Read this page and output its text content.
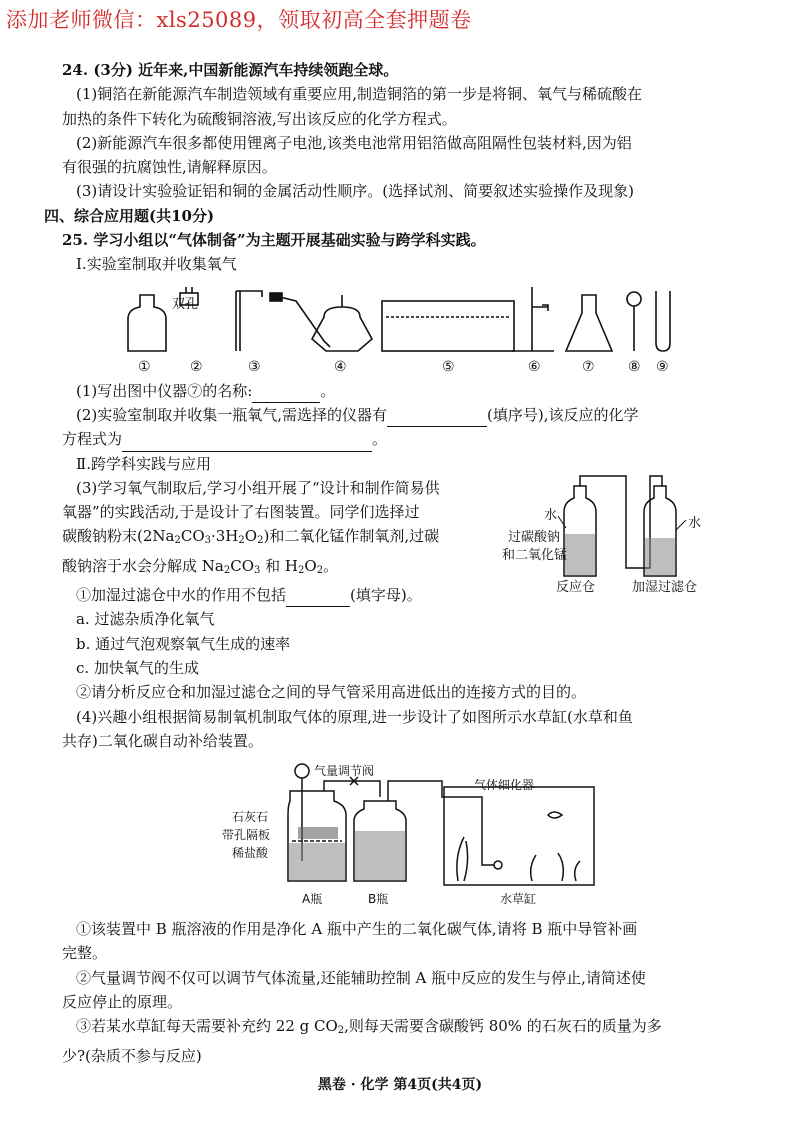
添加老师微信：xls25089，领取初高全套押题卷
24. (3分) 近年来,中国新能源汽车持续领跑全球。
(1)铜箔在新能源汽车制造领域有重要应用,制造铜箔的第一步是将铜、氧气与稀硫酸在
加热的条件下转化为硫酸铜溶液,写出该反应的化学方程式。
(2)新能源汽车很多都使用锂离子电池,该类电池常用铝箔做高阻隔性包装材料,因为铝
有很强的抗腐蚀性,请解释原因。
(3)请设计实验验证铝和铜的金属活动性顺序。(选择试剂、简要叙述实验操作及现象)
四、综合应用题(共10分)
25. 学习小组以“气体制备”为主题开展基础实验与跨学科实践。
Ⅰ.实验室制取并收集氧气
双孔
①	②	③	④	⑤	⑥	⑦ ⑧ ⑨
(1)写出图中仪器⑦的名称:	。
(2)实验室制取并收集一瓶氧气,需选择的仪器有	(填序号),该反应的化学
方程式为	。
Ⅱ.跨学科实践与应用
(3)学习氧气制取后,学习小组开展了“设计和制作简易供
氧器”的实践活动,于是设计了右图装置。同学们选择过
碳酸钠粉末$(2Na_2CO_3\cdot 3H_2O_2)$和二氧化锰作制氧剂,过碳
酸钠溶于水会分解成 $Na_2CO_3$ 和 $H_2O_2$。
水
水
过碳酸钠
和二氧化锰
反应仓	加湿过滤仓
①加湿过滤仓中水的作用不包括	(填字母)。
a. 过滤杂质净化氧气
b. 通过气泡观察氧气生成的速率
c. 加快氧气的生成
②请分析反应仓和加湿过滤仓之间的导气管采用高进低出的连接方式的目的。
(4)兴趣小组根据简易制氧机制取气体的原理,进一步设计了如图所示水草缸(水草和鱼
共存)二氧化碳自动补给装置。
气量调节阀
气体细化器
石灰石
带孔隔板
稀盐酸
A瓶	B瓶	水草缸
①该装置中 B 瓶溶液的作用是净化 A 瓶中产生的二氧化碳气体,请将 B 瓶中导管补画
完整。
②气量调节阀不仅可以调节气体流量,还能辅助控制 A 瓶中反应的发生与停止,请简述使
反应停止的原理。
③若某水草缸每天需要补充约 22 g $CO_2$,则每天需要含碳酸钙 80% 的石灰石的质量为多
少?(杂质不参与反应)
黑卷 · 化学 第4页(共4页)
